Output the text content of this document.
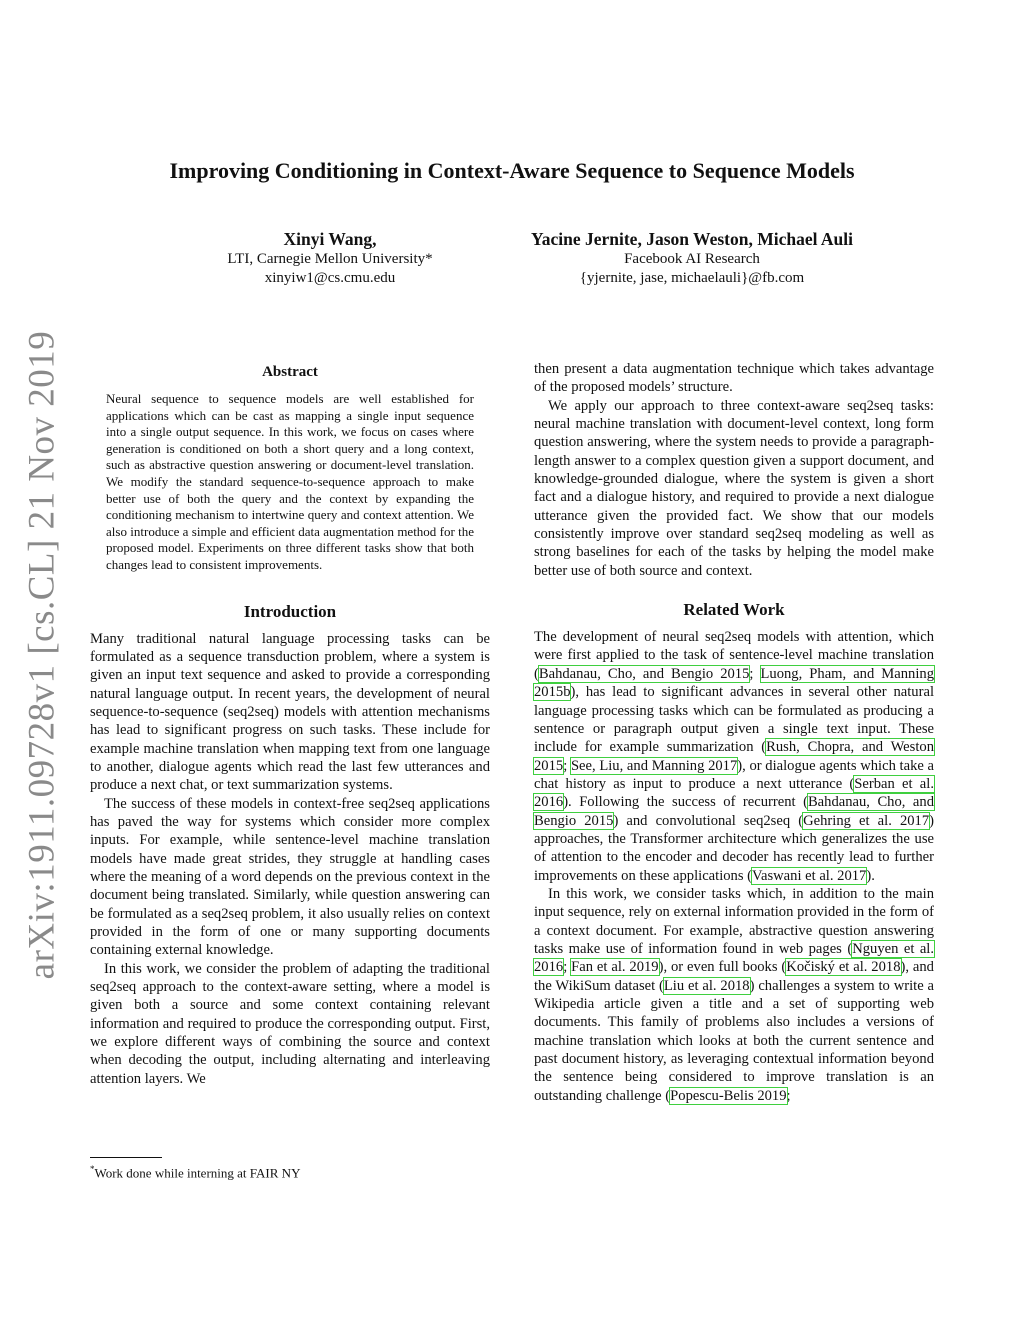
arXiv:1911.09728v1 [cs.CL] 21 Nov 2019
Improving Conditioning in Context-Aware Sequence to Sequence Models
Xinyi Wang,
LTI, Carnegie Mellon University*
xinyiw1@cs.cmu.edu
Yacine Jernite, Jason Weston, Michael Auli
Facebook AI Research
{yjernite, jase, michaelauli}@fb.com
Abstract
Neural sequence to sequence models are well established for applications which can be cast as mapping a single input sequence into a single output sequence. In this work, we focus on cases where generation is conditioned on both a short query and a long context, such as abstractive question answering or document-level translation. We modify the standard sequence-to-sequence approach to make better use of both the query and the context by expanding the conditioning mechanism to intertwine query and context attention. We also introduce a simple and efficient data augmentation method for the proposed model. Experiments on three different tasks show that both changes lead to consistent improvements.
Introduction

Many traditional natural language processing tasks can be formulated as a sequence transduction problem, where a system is given an input text sequence and asked to provide a corresponding natural language output. In recent years, the development of neural sequence-to-sequence (seq2seq) models with attention mechanisms has lead to significant progress on such tasks. These include for example machine translation when mapping text from one language to another, dialogue agents which read the last few utterances and produce a next chat, or text summarization systems.

The success of these models in context-free seq2seq applications has paved the way for systems which consider more complex inputs. For example, while sentence-level machine translation models have made great strides, they struggle at handling cases where the meaning of a word depends on the previous context in the document being translated. Similarly, while question answering can be formulated as a seq2seq problem, it also usually relies on context provided in the form of one or many supporting documents containing external knowledge.

In this work, we consider the problem of adapting the traditional seq2seq approach to the context-aware setting, where a model is given both a source and some context containing relevant information and required to produce the corresponding output. First, we explore different ways of combining the source and context when decoding the output, including alternating and interleaving attention layers. We

then present a data augmentation technique which takes advantage of the proposed models’ structure.

We apply our approach to three context-aware seq2seq tasks: neural machine translation with document-level context, long form question answering, where the system needs to provide a paragraph-length answer to a complex question given a support document, and knowledge-grounded dialogue, where the system is given a short fact and a dialogue history, and required to provide a next dialogue utterance given the provided fact. We show that our models consistently improve over standard seq2seq modeling as well as strong baselines for each of the tasks by helping the model make better use of both source and context.

Related Work

The development of neural seq2seq models with attention, which were first applied to the task of sentence-level machine translation (Bahdanau, Cho, and Bengio 2015; Luong, Pham, and Manning 2015b), has lead to significant advances in several other natural language processing tasks which can be formulated as producing a sentence or paragraph output given a single text input. These include for example summarization (Rush, Chopra, and Weston 2015; See, Liu, and Manning 2017), or dialogue agents which take a chat history as input to produce a next utterance (Serban et al. 2016). Following the success of recurrent (Bahdanau, Cho, and Bengio 2015) and convolutional seq2seq (Gehring et al. 2017) approaches, the Transformer architecture which generalizes the use of attention to the encoder and decoder has recently lead to further improvements on these applications (Vaswani et al. 2017).

In this work, we consider tasks which, in addition to the main input sequence, rely on external information provided in the form of a context document. For example, abstractive question answering tasks make use of information found in web pages (Nguyen et al. 2016; Fan et al. 2019), or even full books (Kočiský et al. 2018), and the WikiSum dataset (Liu et al. 2018) challenges a system to write a Wikipedia article given a title and a set of supporting web documents. This family of problems also includes a versions of machine translation which looks at both the current sentence and past document history, as leveraging contextual information beyond the sentence being considered to improve translation is an outstanding challenge (Popescu-Belis 2019;

*Work done while interning at FAIR NY
